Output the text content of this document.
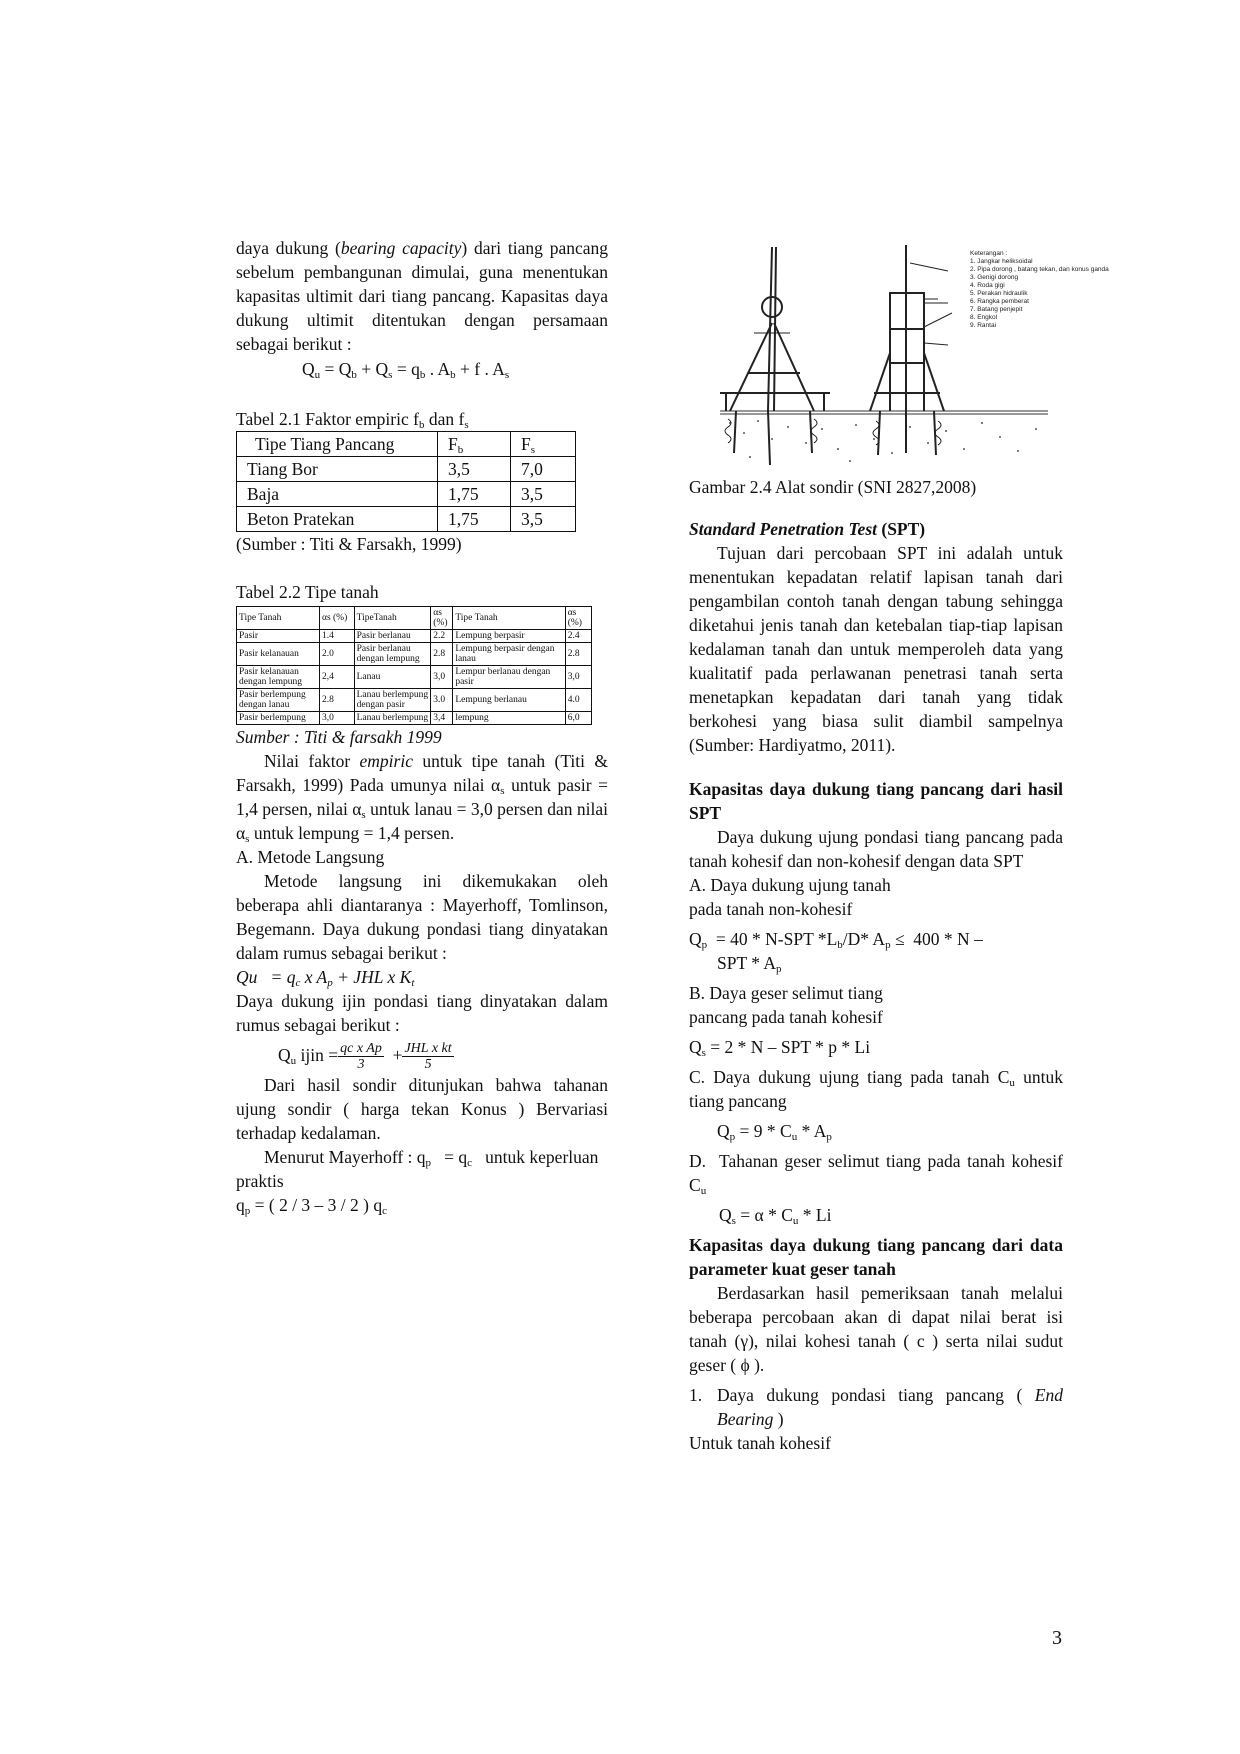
daya dukung (bearing capacity) dari tiang pancang sebelum pembangunan dimulai, guna menentukan kapasitas ultimit dari tiang pancang. Kapasitas daya dukung ultimit ditentukan dengan persamaan sebagai berikut :

$Q_u = Q_b + Q_s = q_b$ . $A_b + f$ . $A_s$

Tabel 2.1 Faktor empiric $f_b$ dan $f_s$

Tipe Tiang Pancang	$F_b$	$F_s$
Tiang Bor	3,5	7,0
Baja	1,75	3,5
Beton Pratekan	1,75	3,5

(Sumber : Titi & Farsakh, 1999)

Tabel 2.2 Tipe tanah

Tipe Tanah	αs (%)	TipeTanah	αs (%)	Tipe Tanah	αs (%)
Pasir	1.4	Pasir berlanau	2.2	Lempung berpasir	2.4
Pasir kelanauan	2.0	Pasir berlanau dengan lempung	2.8	Lempung berpasir dengan lanau	2.8
Pasir kelanauan dengan lempung	2,4	Lanau	3,0	Lempur berlanau dengan pasir	3,0
Pasir berlempung dengan lanau	2.8	Lanau berlempung dengan pasir	3.0	Lempung berlanau	4.0
Pasir berlempung	3,0	Lanau berlempung	3,4	lempung	6,0

Sumber : Titi & farsakh 1999

Nilai faktor empiric untuk tipe tanah (Titi & Farsakh, 1999) Pada umunya nilai $\alpha_s$ untuk pasir = 1,4 persen, nilai $\alpha_s$ untuk lanau = 3,0 persen dan nilai $\alpha_s$ untuk lempung = 1,4 persen.

A. Metode Langsung

Metode langsung ini dikemukakan oleh beberapa ahli diantaranya : Mayerhoff, Tomlinson, Begemann. Daya dukung pondasi tiang dinyatakan dalam rumus sebagai berikut :

$Qu = q_c$ x $A_p$ + JHL x $K_t$

Daya dukung ijin pondasi tiang dinyatakan dalam rumus sebagai berikut :

$Q_u$ ijin = $\frac{\text{qc x Ap}}{3}$ + JHL x kt
5

Dari hasil sondir ditunjukan bahwa tahanan ujung sondir ( harga tekan Konus ) Bervariasi terhadap kedalaman.

Menurut Mayerhoff : $q_p = q_c$   untuk keperluan praktis

$q_p$ = ( 2 / 3 – 3 / 2 ) $q_c$

Keterangan :
1. Jangkar heliksoidal
2. Pipa dorong , batang tekan, dan konus ganda
3. Genigi dorong
4. Roda gigi
5. Perakan hidraulik
6. Rangka pemberat
7. Batang penjepit
8. Engkol
9. Rantai

Gambar 2.4 Alat sondir (SNI 2827,2008)

Standard Penetration Test (SPT)

Tujuan dari percobaan SPT ini adalah untuk menentukan kepadatan relatif lapisan tanah dari pengambilan contoh tanah dengan tabung sehingga diketahui jenis tanah dan ketebalan tiap-tiap lapisan kedalaman tanah dan untuk memperoleh data yang kualitatif pada perlawanan penetrasi tanah serta menetapkan kepadatan dari tanah yang tidak berkohesi yang biasa sulit diambil sampelnya (Sumber: Hardiyatmo, 2011).

Kapasitas daya dukung tiang pancang dari hasil SPT

Daya dukung ujung pondasi tiang pancang pada tanah kohesif dan non-kohesif dengan data SPT

A. Daya dukung ujung tanah

pada tanah non-kohesif

$Q_p = 40 * N-SPT$ $*L_b/D*$ $A_p \le 400 * N$ –

SPT * $A_p$

B. Daya geser selimut tiang

pancang pada tanah kohesif

$Q_s = 2 * N$ – SPT * p * Li

C. Daya dukung ujung tiang pada tanah $C_u$ untuk tiang pancang

$Q_p = 9 * C_u * A_p$

D.  Tahanan geser selimut tiang pada tanah kohesif $C_u$

$Q_s = \alpha * C_u * Li$

Kapasitas daya dukung tiang pancang dari data parameter kuat geser tanah

Berdasarkan hasil pemeriksaan tanah melalui beberapa percobaan akan di dapat nilai berat isi tanah (γ), nilai kohesi tanah ( c ) serta nilai sudut geser ( ϕ ).

1. Daya dukung pondasi tiang pancang ( End Bearing )

Untuk tanah kohesif

3
